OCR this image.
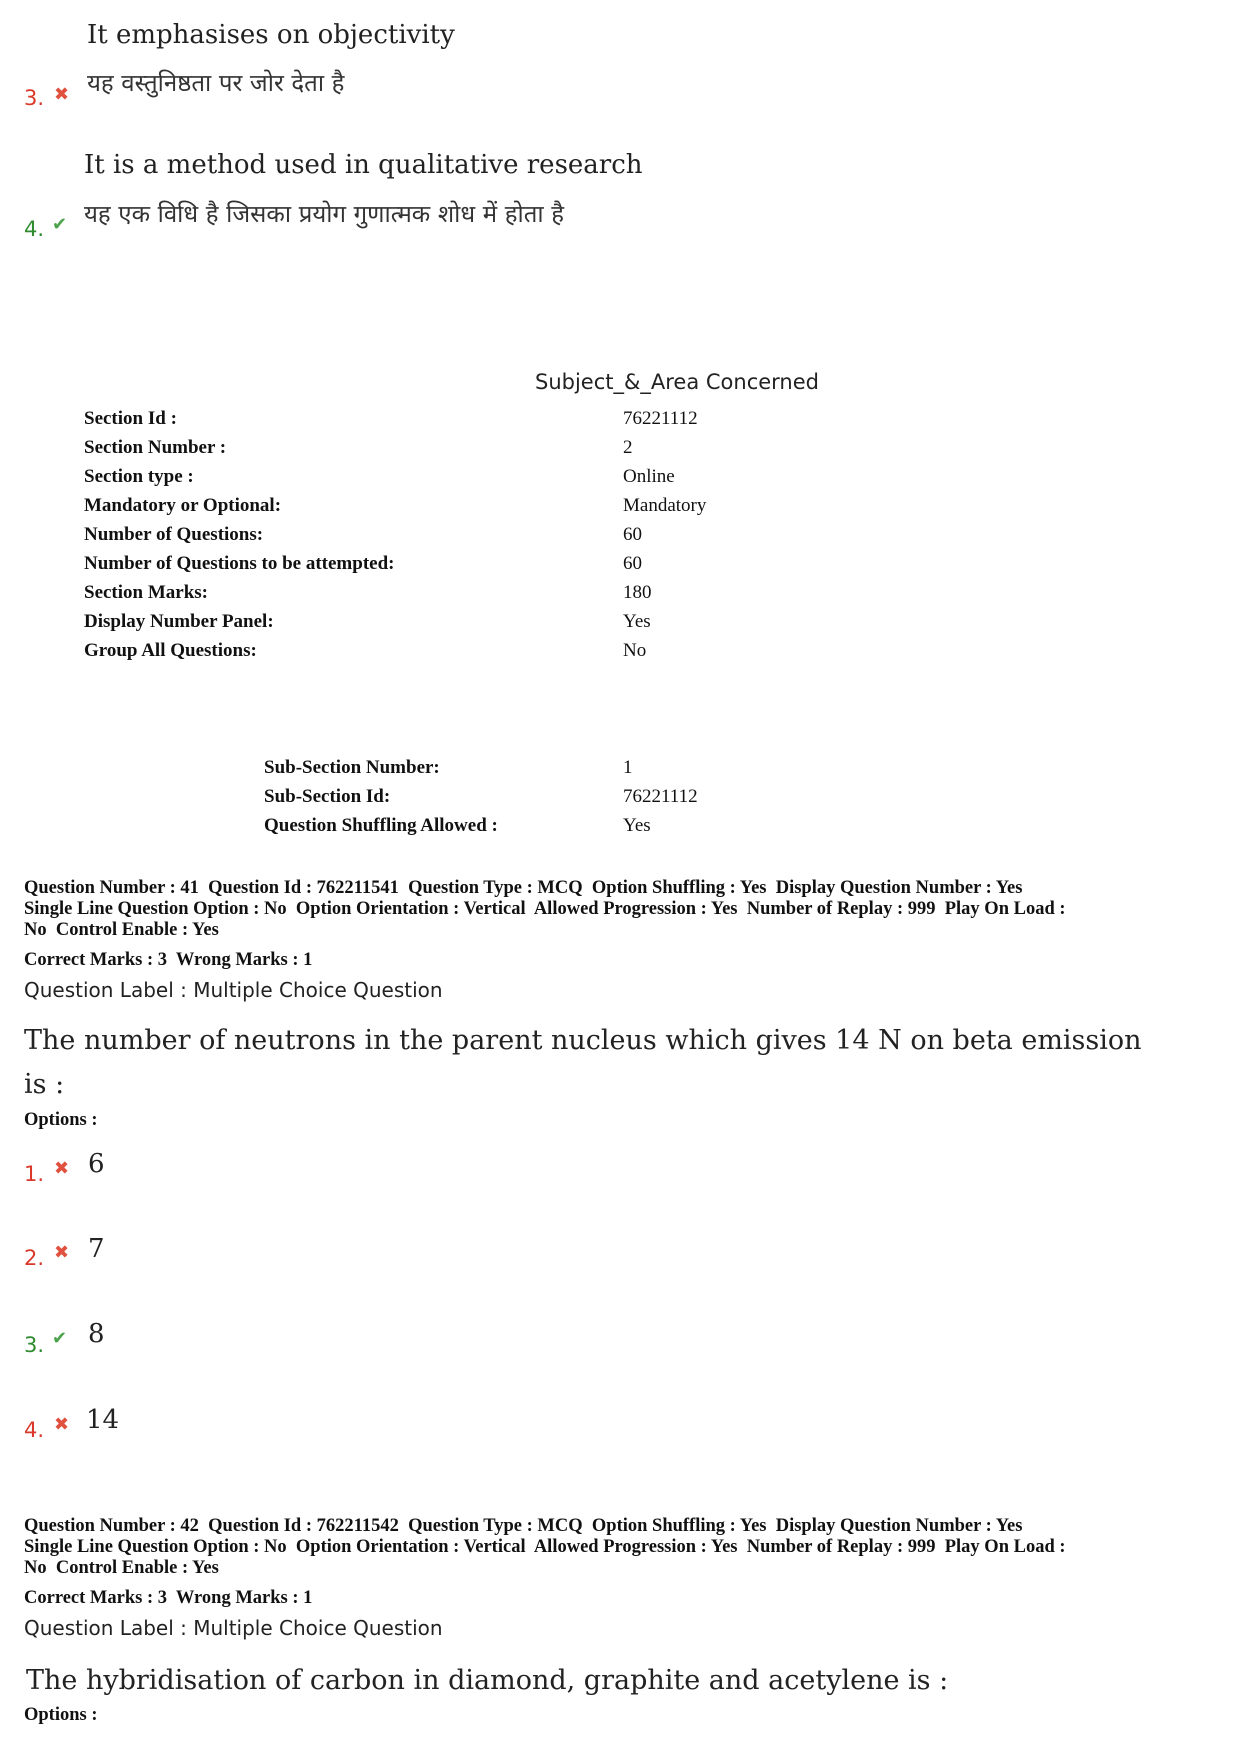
It emphasises on objectivity
3. ✖ यह वस्तुनिष्ठता पर जोर देता है
It is a method used in qualitative research
4. ✔ यह एक विधि है जिसका प्रयोग गुणात्मक शोध में होता है
Subject_&_Area Concerned
Section Id :	76221112
Section Number :	2
Section type :	Online
Mandatory or Optional:	Mandatory
Number of Questions:	60
Number of Questions to be attempted:	60
Section Marks:	180
Display Number Panel:	Yes
Group All Questions:	No
Sub-Section Number:	1
Sub-Section Id:	76221112
Question Shuffling Allowed :	Yes
Question Number : 41  Question Id : 762211541  Question Type : MCQ  Option Shuffling : Yes  Display Question Number : Yes
Single Line Question Option : No  Option Orientation : Vertical  Allowed Progression : Yes  Number of Replay : 999  Play On Load :
No  Control Enable : Yes
Correct Marks : 3  Wrong Marks : 1
Question Label : Multiple Choice Question
The number of neutrons in the parent nucleus which gives 14 N on beta emission
is :
Options :
1. ✖ 6
2. ✖ 7
3. ✔ 8
4. ✖ 14
Question Number : 42  Question Id : 762211542  Question Type : MCQ  Option Shuffling : Yes  Display Question Number : Yes
Single Line Question Option : No  Option Orientation : Vertical  Allowed Progression : Yes  Number of Replay : 999  Play On Load :
No  Control Enable : Yes
Correct Marks : 3  Wrong Marks : 1
Question Label : Multiple Choice Question
The hybridisation of carbon in diamond, graphite and acetylene is :
Options :
